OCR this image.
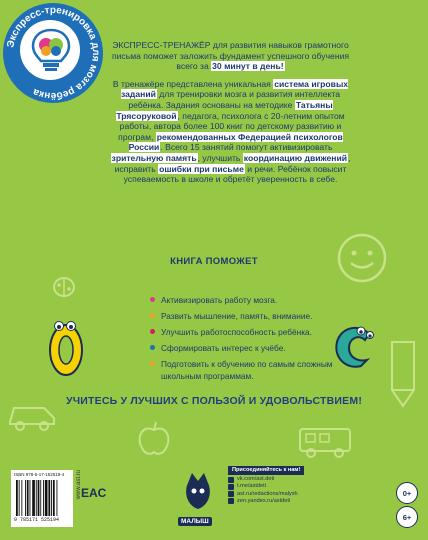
Экспресс-тренировка для мозга ребёнка

ЭКСПРЕСС-ТРЕНАЖЁР для развития навыков грамотного письма поможет заложить фундамент успешного обучения всего за 30 минут в день!

В тренажёре представлена уникальная система игровых заданий для тренировки мозга и развития интеллекта ребёнка. Задания основаны на методике Татьяны Трясоруковой, педагога, психолога с 20-летним опытом работы, автора более 100 книг по детскому развитию и програм, рекомендованных Федерацией психологов России. Всего 15 занятий помогут активизировать зрительную память, улучшить координацию движений, исправить ошибки при письме и речи. Ребёнок повысит успеваемость в школе и обретёт уверенность в себе.

КНИГА ПОМОЖЕТ
Активизировать работу мозга.
Развить мышление, память, внимание.
Улучшить работоспособность ребёнка.
Сформировать интерес к учёбе.
Подготовить к обучению по самым сложным
школьным программам.
УЧИТЕСЬ У ЛУЧШИХ С ПОЛЬЗОЙ И УДОВОЛЬСТВИЕМ!
ISBN 978-5-17-152519-4
9 785171 525194
www.ast.ru EAC
МАЛЫШ
Присоединяйтесь к нам!
vk.com/ast.deti
t.me/astdeti
ast.ru/redactions/malysh
zen.yandex.ru/astdeti
0+
6+
